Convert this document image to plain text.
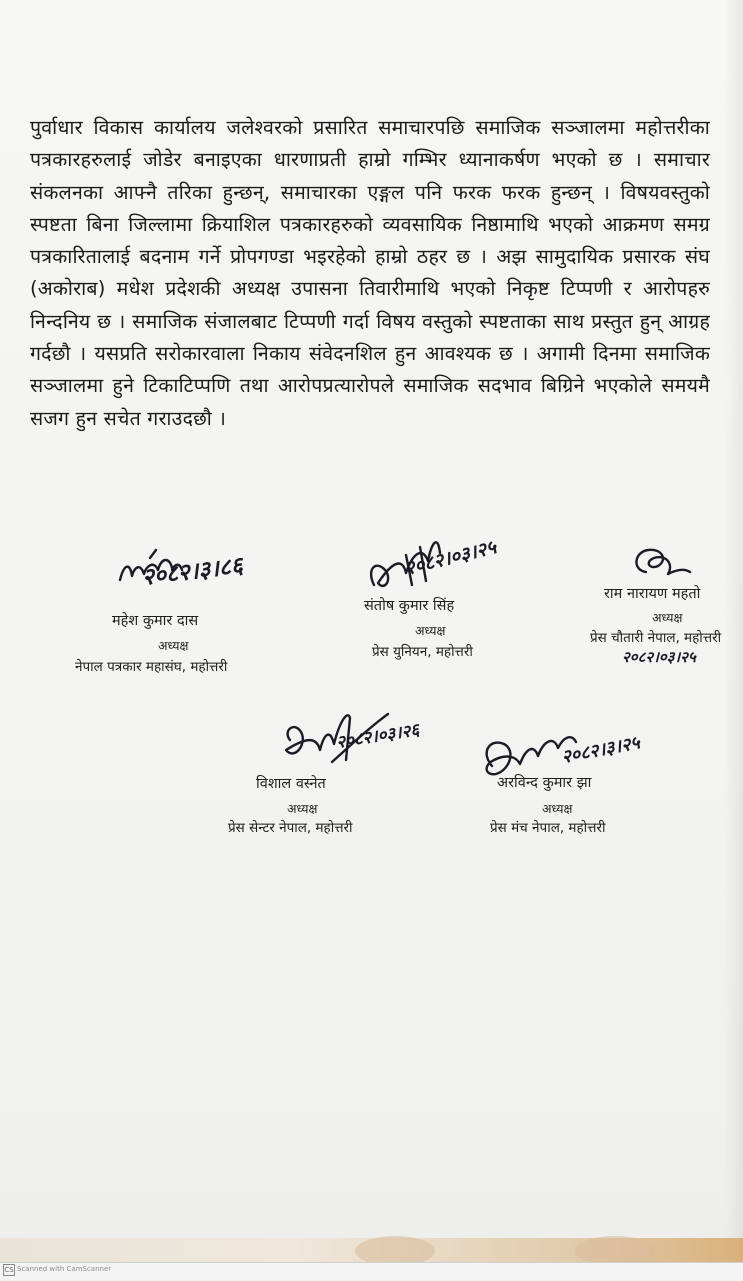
पुर्वाधार विकास कार्यालय जलेश्वरको प्रसारित समाचारपछि समाजिक सञ्जालमा महोत्तरीका पत्रकारहरुलाई जोडेर बनाइएका धारणाप्रती हाम्रो गम्भिर ध्यानाकर्षण भएको छ । समाचार संकलनका आफ्नै तरिका हुन्छन्, समाचारका एङ्गल पनि फरक फरक हुन्छन् । विषयवस्तुको स्पष्टता बिना जिल्लामा क्रियाशिल पत्रकारहरुको व्यवसायिक निष्ठामाथि भएको आक्रमण समग्र पत्रकारितालाई बदनाम गर्ने प्रोपगण्डा भइरहेको हाम्रो ठहर छ । अझ सामुदायिक प्रसारक संघ (अकोराब) मधेश प्रदेशकी अध्यक्ष उपासना तिवारीमाथि भएको निकृष्ट टिप्पणी र आरोपहरु निन्दनिय छ । समाजिक संजालबाट टिप्पणी गर्दा विषय वस्तुको स्पष्टताका साथ प्रस्तुत हुन् आग्रह गर्दछौ । यसप्रति सरोकारवाला निकाय संवेदनशिल हुन आवश्यक छ । अगामी दिनमा समाजिक सञ्जालमा हुने टिकाटिप्पणि तथा आरोपप्रत्यारोपले समाजिक सदभाव बिग्रिने भएकोले समयमै सजग हुन सचेत गराउदछौ ।

२०८२।३।८६
महेश कुमार दास
अध्यक्ष
नेपाल पत्रकार महासंघ, महोत्तरी
२०८२।०३।२५
संतोष कुमार सिंह
अध्यक्ष
प्रेस युनियन, महोत्तरी
राम नारायण महतो
अध्यक्ष
प्रेस चौतारी नेपाल, महोत्तरी
२०८२।०३।२५
२०८२।०३।२६
विशाल वस्नेत
अध्यक्ष
प्रेस सेन्टर नेपाल, महोत्तरी
२०८२।३।२५
अरविन्द कुमार झा
अध्यक्ष
प्रेस मंच नेपाल, महोत्तरी
CS Scanned with CamScanner
